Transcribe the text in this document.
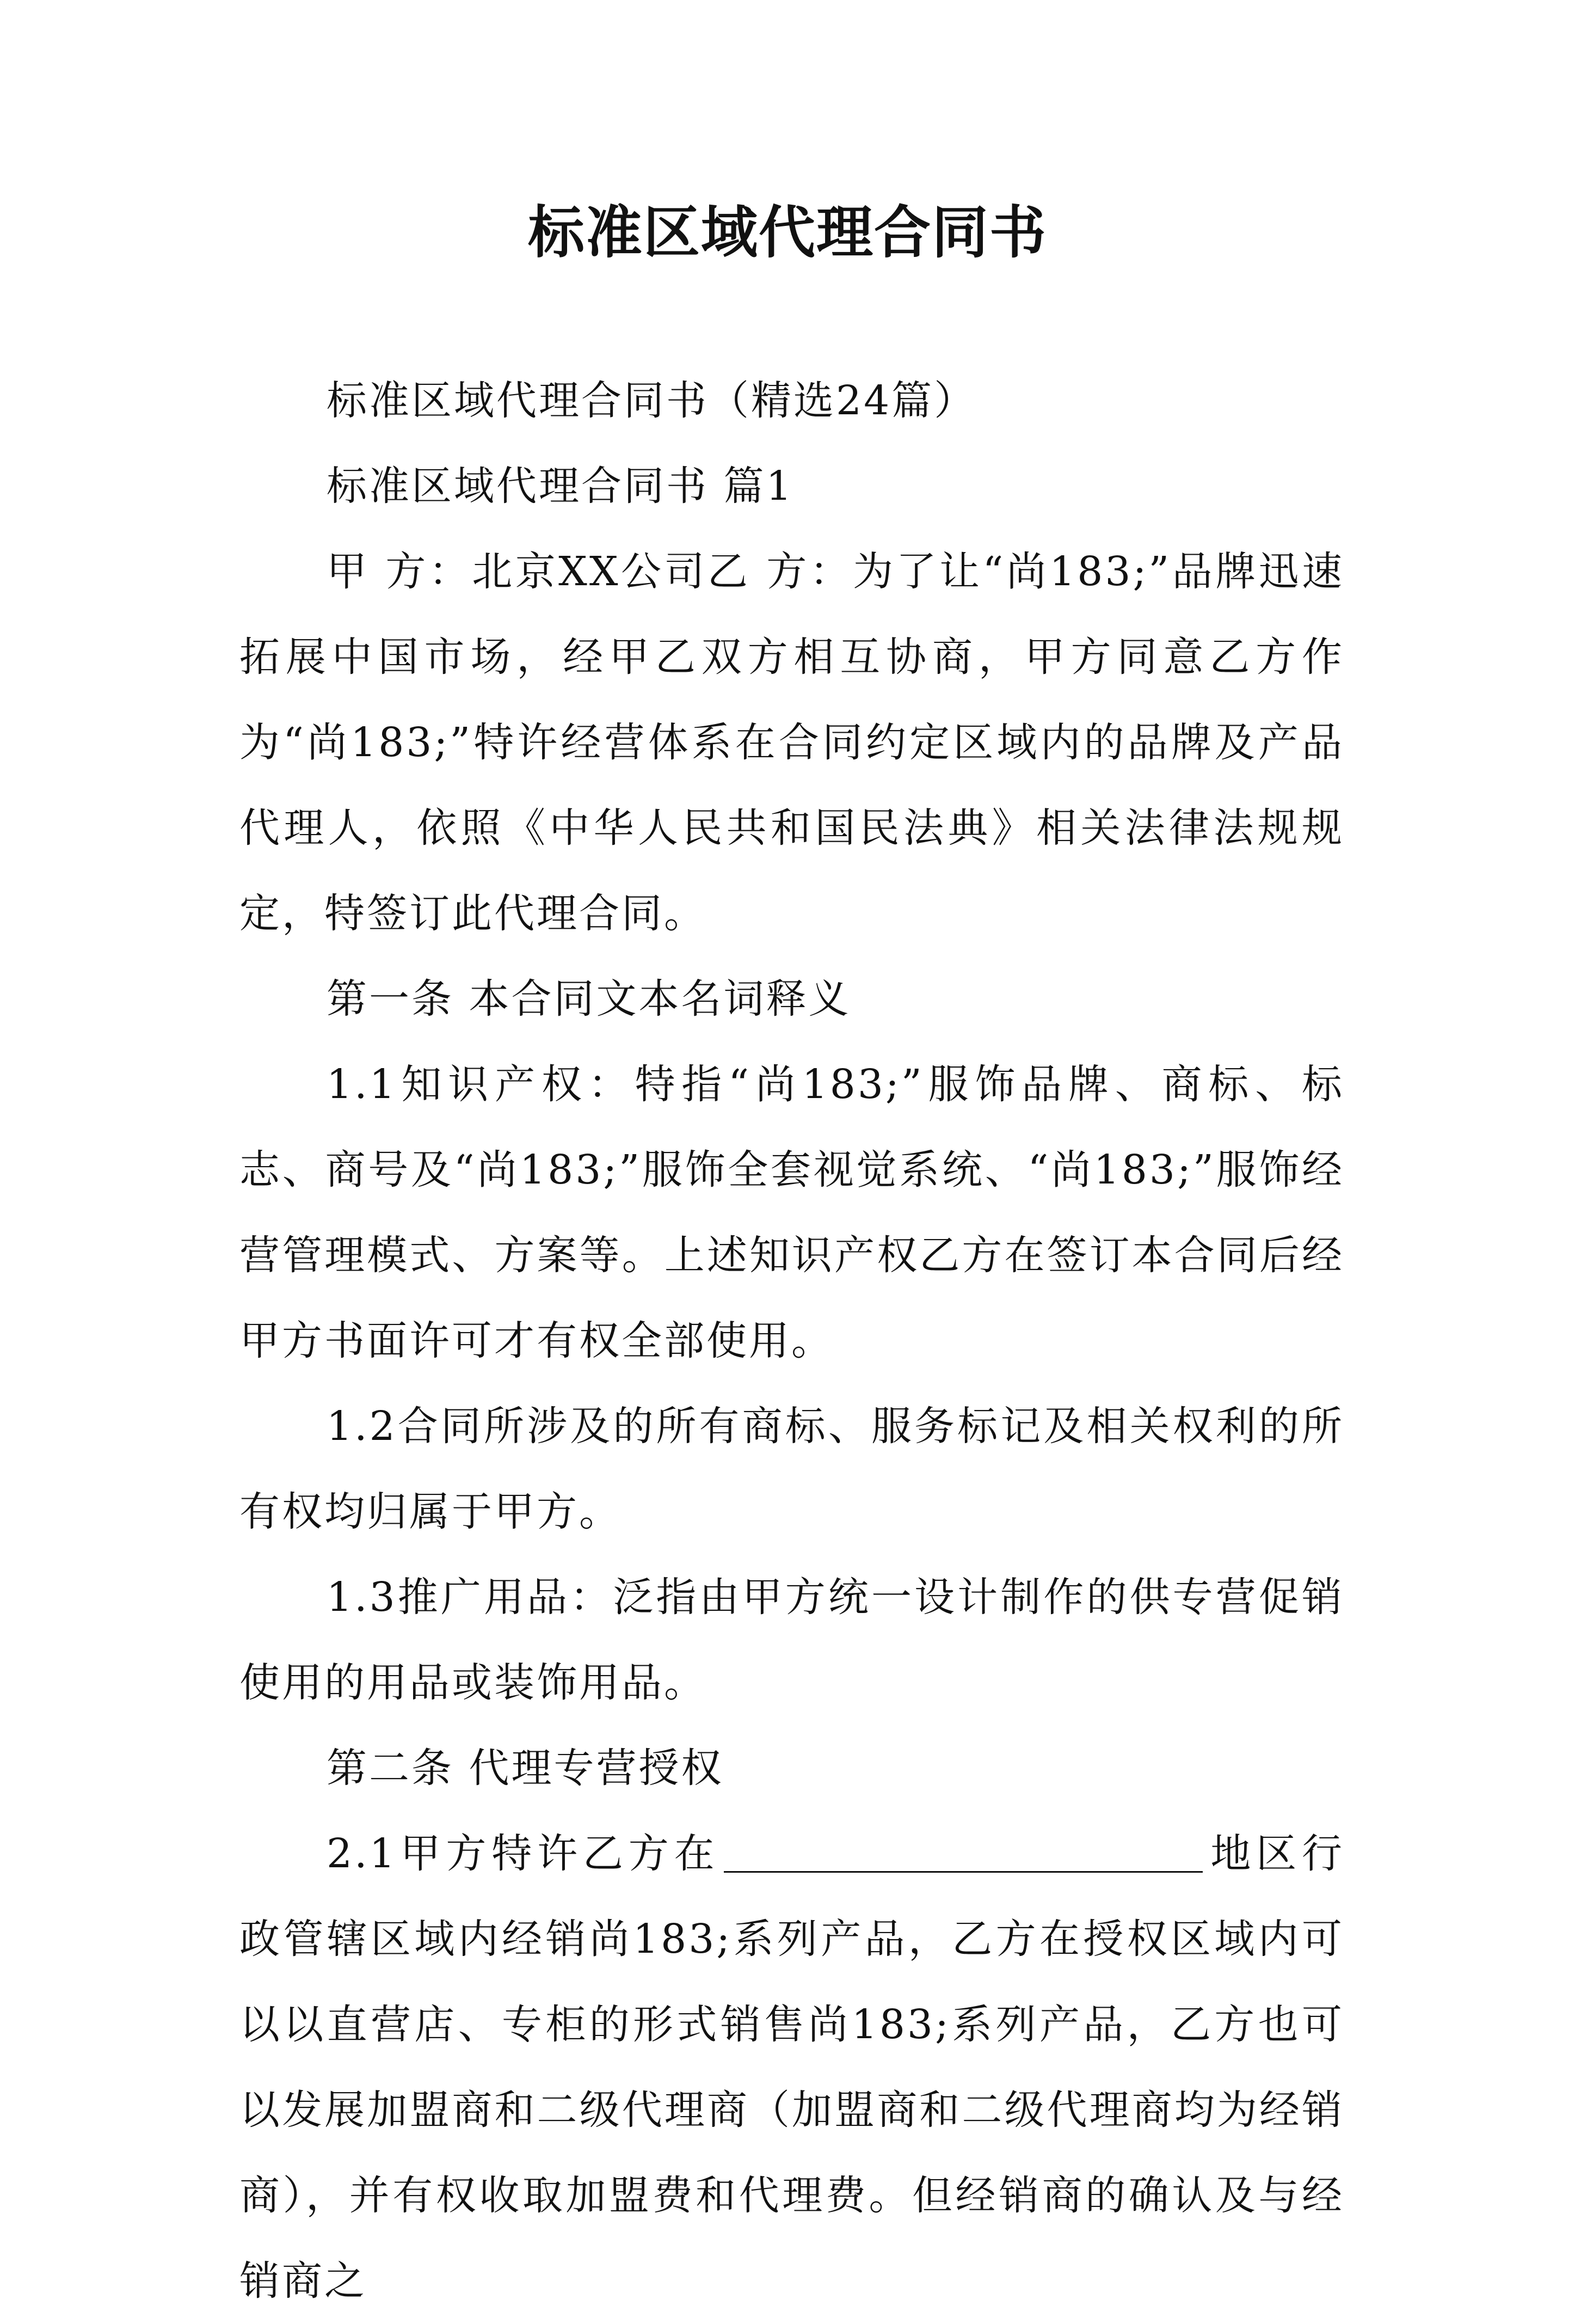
标准区域代理合同书

标准区域代理合同书（精选24篇）

标准区域代理合同书 篇1

甲 方：北京XX公司乙 方：为了让“尚183;”品牌迅速拓展中国市场，经甲乙双方相互协商，甲方同意乙方作为“尚183;”特许经营体系在合同约定区域内的品牌及产品代理人，依照《中华人民共和国民法典》相关法律法规规定，特签订此代理合同。

第一条 本合同文本名词释义

1.1知识产权：特指“尚183;”服饰品牌、商标、标志、商号及“尚183;”服饰全套视觉系统、“尚183;”服饰经营管理模式、方案等。上述知识产权乙方在签订本合同后经甲方书面许可才有权全部使用。

1.2合同所涉及的所有商标、服务标记及相关权利的所有权均归属于甲方。

1.3推广用品：泛指由甲方统一设计制作的供专营促销使用的用品或装饰用品。

第二条 代理专营授权

2.1甲方特许乙方在	地区行政管辖区域内经销尚183;系列产品，乙方在授权区域内可以以直营店、专柜的形式销售尚183;系列产品，乙方也可以发展加盟商和二级代理商（加盟商和二级代理商均为经销商），并有权收取加盟费和代理费。但经销商的确认及与经销商之
